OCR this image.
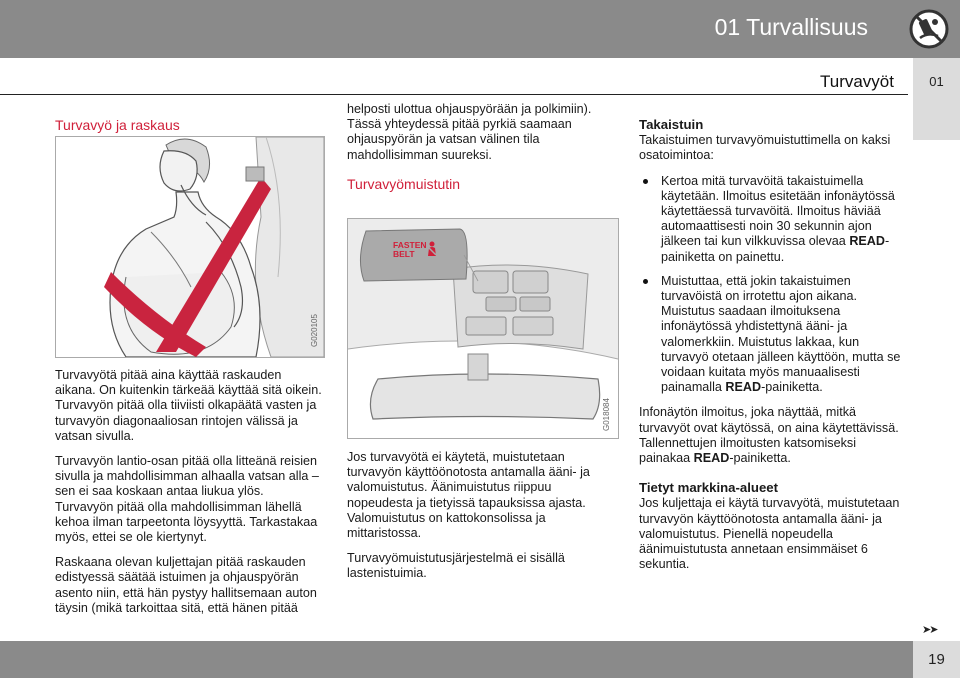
01 Turvallisuus
Turvavyöt	01
Turvavyö ja raskaus
G020105

Turvavyötä pitää aina käyttää raskauden aikana. On kuitenkin tärkeää käyttää sitä oikein. Turvavyön pitää olla tiiviisti olkapäätä vasten ja turvavyön diagonaaliosan rintojen välissä ja vatsan sivulla.

Turvavyön lantio-osan pitää olla litteänä reisien sivulla ja mahdollisimman alhaalla vatsan alla – sen ei saa koskaan antaa liukua ylös. Turvavyön pitää olla mahdollisimman lähellä kehoa ilman tarpeetonta löysyyttä. Tarkastakaa myös, ettei se ole kiertynyt.

Raskaana olevan kuljettajan pitää raskauden edistyessä säätää istuimen ja ohjauspyörän asento niin, että hän pystyy hallitsemaan auton täysin (mikä tarkoittaa sitä, että hänen pitää

helposti ulottua ohjauspyörään ja polkimiin). Tässä yhteydessä pitää pyrkiä saamaan ohjauspyörän ja vatsan välinen tila mahdollisimman suureksi.

Turvavyömuistutin
FASTEN
BELT
G018084

Jos turvavyötä ei käytetä, muistutetaan turvavyön käyttöönotosta antamalla ääni- ja valomuistutus. Äänimuistutus riippuu nopeudesta ja tietyissä tapauksissa ajasta. Valomuistutus on kattokonsolissa ja mittaristossa.

Turvavyömuistutusjärjestelmä ei sisällä lastenistuimia.

Takaistuin

Takaistuimen turvavyömuistuttimella on kaksi osatoimintoa:

Kertoa mitä turvavöitä takaistuimella käytetään. Ilmoitus esitetään infonäytössä käytettäessä turvavöitä. Ilmoitus häviää automaattisesti noin 30 sekunnin ajon jälkeen tai kun vilkkuvissa olevaa READ-painiketta on painettu.
Muistuttaa, että jokin takaistuimen turvavöistä on irrotettu ajon aikana. Muistutus saadaan ilmoituksena infonäytössä yhdistettynä ääni- ja valomerkkiin. Muistutus lakkaa, kun turvavyö otetaan jälleen käyttöön, mutta se voidaan kuitata myös manuaalisesti painamalla READ-painiketta.

Infonäytön ilmoitus, joka näyttää, mitkä turvavyöt ovat käytössä, on aina käytettävissä. Tallennettujen ilmoitusten katsomiseksi painakaa READ-painiketta.

Tietyt markkina-alueet

Jos kuljettaja ei käytä turvavyötä, muistutetaan turvavyön käyttöönotosta antamalla ääni- ja valomuistutus. Pienellä nopeudella äänimuistutusta annetaan ensimmäiset 6 sekuntia.

➤➤
19
